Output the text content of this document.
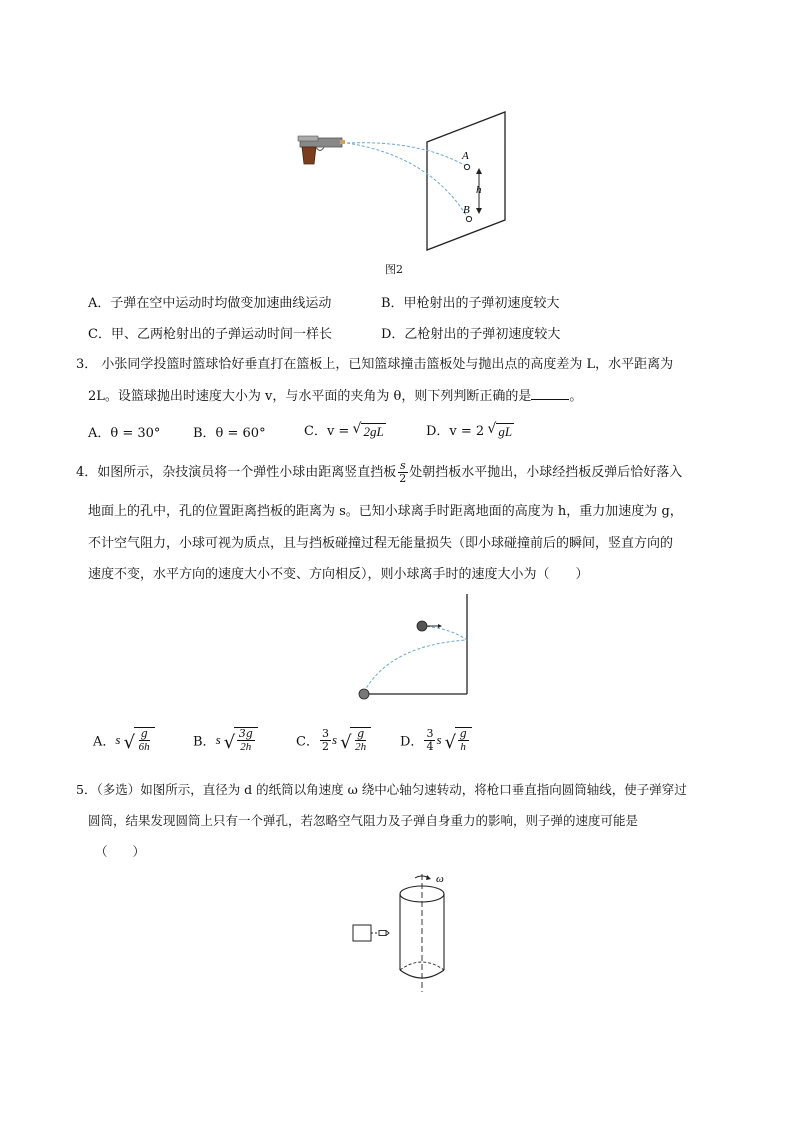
A
B
h
图2
A．子弹在空中运动时均做变加速曲线运动	B．甲枪射出的子弹初速度较大
C．甲、乙两枪射出的子弹运动时间一样长	D．乙枪射出的子弹初速度较大
3． 小张同学投篮时篮球恰好垂直打在篮板上，已知篮球撞击篮板处与抛出点的高度差为 L，水平距离为
2L。设篮球抛出时速度大小为 v，与水平面的夹角为 θ，则下列判断正确的是	。
A．θ = 30°	B．θ = 60°	C．v = √ 2gL	D．v = 2 √ gL
4．如图所示，杂技演员将一个弹性小球由距离竖直挡板 $\frac{s}{2}$ 处朝挡板水平抛出，小球经挡板反弹后恰好落入
地面上的孔中，孔的位置距离挡板的距离为 s。已知小球离手时距离地面的高度为 h，重力加速度为 g，
不计空气阻力，小球可视为质点，且与挡板碰撞过程无能量损失（即小球碰撞前后的瞬间，竖直方向的
速度不变，水平方向的速度大小不变、方向相反），则小球离手时的速度大小为（　　）
A．s √ $\frac{g}{6h}$	B．s √ $\frac{3g}{2h}$	C． $\frac{3}{2}$ s √ $\frac{g}{2h}$ D． $\frac{3}{4}$ s √ $\frac{g}{h}$
5．（多选）如图所示，直径为 d 的纸筒以角速度 ω 绕中心轴匀速转动，将枪口垂直指向圆筒轴线，使子弹穿过
圆筒，结果发现圆筒上只有一个弹孔，若忽略空气阻力及子弹自身重力的影响，则子弹的速度可能是
（　　）
ω
